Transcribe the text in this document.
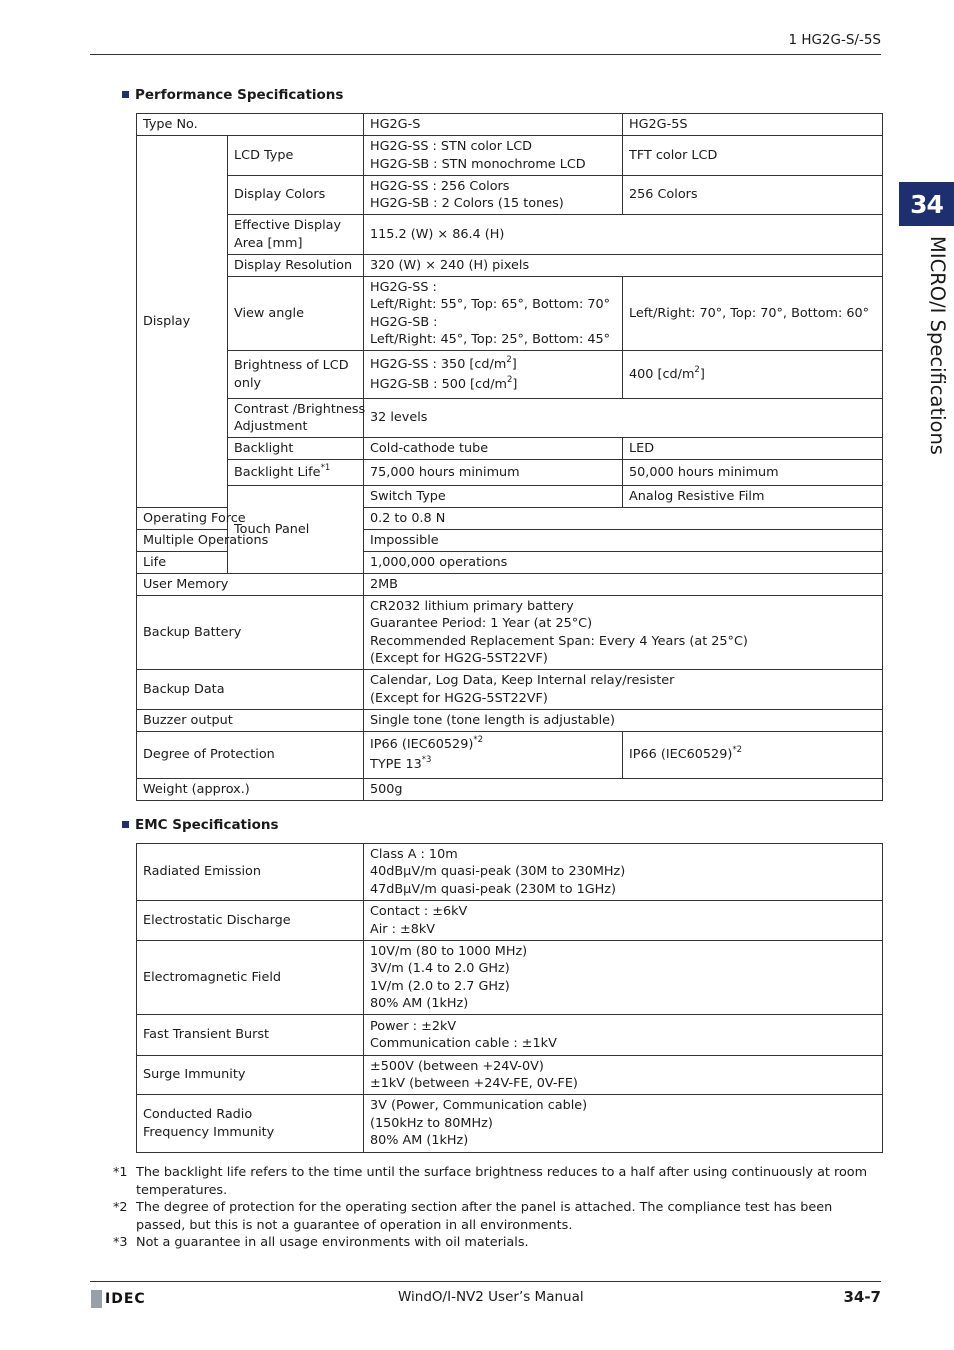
1 HG2G-S/-5S
34
MICRO/I Specifications
Performance Specifications
Type No.		HG2G-S	HG2G-5S
Display	LCD Type	HG2G-SS : STN color LCD
HG2G-SB : STN monochrome LCD	TFT color LCD
	Display Colors	HG2G-SS : 256 Colors
HG2G-SB : 2 Colors (15 tones)	256 Colors

	Effective Display
Area [mm]	115.2 (W) × 86.4 (H)	
	Display Resolution	320 (W) × 240 (H) pixels	
	View angle	HG2G-SS :
Left/Right: 55°, Top: 65°, Bottom: 70°
HG2G-SB :
Left/Right: 45°, Top: 25°, Bottom: 45°	Left/Right: 70°, Top: 70°, Bottom: 60°

	Brightness of LCD
only	HG2G-SS : 350 $[cd/m^2]$
HG2G-SB : 500 $[cd/m^2]$	400 $[cd/m^2]$

	Contrast /Brightness
Adjustment	32 levels	
	Backlight	Cold-cathode tube	LED
	Backlight Life$^{*1}$	75,000 hours minimum	50,000 hours minimum
	Touch Panel	Switch Type	Analog Resistive Film
Operating Force		0.2 to 0.8 N	
Multiple Operations		Impossible	
Life		1,000,000 operations	
User Memory		2MB	
Backup Battery		CR2032 lithium primary battery
Guarantee Period: 1 Year (at 25°C)
Recommended Replacement Span: Every 4 Years (at 25°C)
(Except for HG2G-5ST22VF)	

Backup Data		Calendar, Log Data, Keep Internal relay/resister
(Except for HG2G-5ST22VF)	

Buzzer output		Single tone (tone length is adjustable)	
Degree of Protection		IP66 $(IEC60529)^{*2}$
TYPE 13$^{*3}$	IP66 $(IEC60529)^{*2}$
Weight (approx.)		500g	
EMC Specifications
Radiated Emission	Class A : 10m
40dBμV/m quasi-peak (30M to 230MHz)
47dBμV/m quasi-peak (230M to 1GHz)

Electrostatic Discharge	Contact : ±6kV
Air : ±8kV

Electromagnetic Field	10V/m (80 to 1000 MHz)
3V/m (1.4 to 2.0 GHz)
1V/m (2.0 to 2.7 GHz)
80% AM (1kHz)

Fast Transient Burst	Power : ±2kV
Communication cable : ±1kV

Surge Immunity	±500V (between +24V-0V)
±1kV (between +24V-FE, 0V-FE)

Conducted Radio
Frequency Immunity	3V (Power, Communication cable)
(150kHz to 80MHz)
80% AM (1kHz)
*1 The backlight life refers to the time until the surface brightness reduces to a half after using continuously at room temperatures.
*2 The degree of protection for the operating section after the panel is attached. The compliance test has been passed, but this is not a guarantee of operation in all environments.
*3 Not a guarantee in all usage environments with oil materials.
IDEC	WindO/I-NV2 User’s Manual	34-7
